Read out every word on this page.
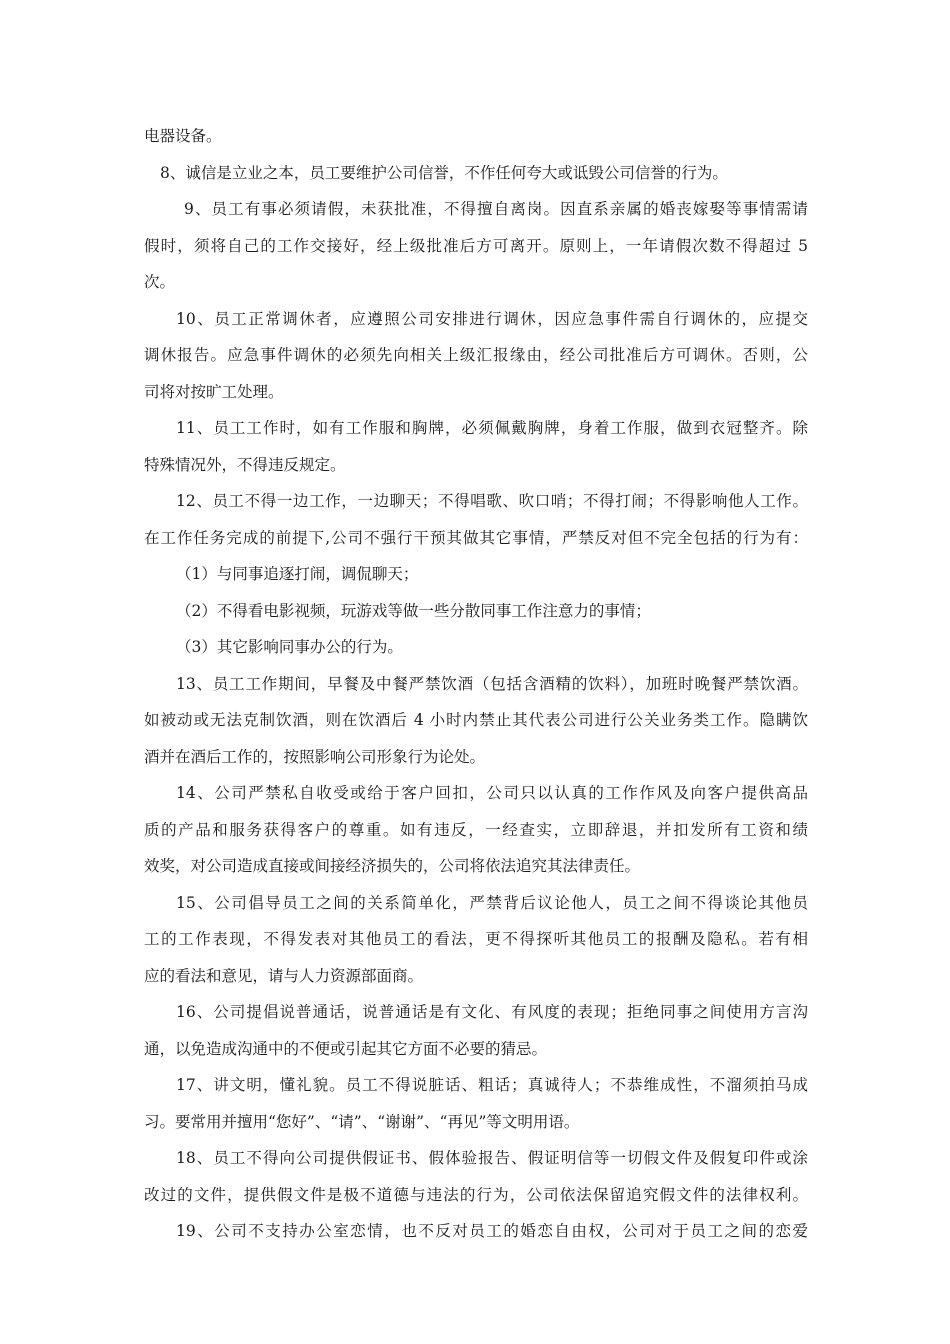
电器设备。
8、诚信是立业之本，员工要维护公司信誉，不作任何夸大或诋毁公司信誉的行为。
9、员工有事必须请假，未获批准，不得擅自离岗。因直系亲属的婚丧嫁娶等事情需请
假时，须将自己的工作交接好，经上级批准后方可离开。原则上，一年请假次数不得超过 5
次。
10、员工正常调休者，应遵照公司安排进行调休，因应急事件需自行调休的，应提交
调休报告。应急事件调休的必须先向相关上级汇报缘由，经公司批准后方可调休。否则，公
司将对按旷工处理。
11、员工工作时，如有工作服和胸牌，必须佩戴胸牌，身着工作服，做到衣冠整齐。除
特殊情况外，不得违反规定。
12、员工不得一边工作，一边聊天；不得唱歌、吹口哨；不得打闹；不得影响他人工作。
在工作任务完成的前提下,公司不强行干预其做其它事情，严禁反对但不完全包括的行为有：
（1）与同事追逐打闹，调侃聊天；
（2）不得看电影视频，玩游戏等做一些分散同事工作注意力的事情；
（3）其它影响同事办公的行为。
13、员工工作期间，早餐及中餐严禁饮酒（包括含酒精的饮料），加班时晚餐严禁饮酒。
如被动或无法克制饮酒，则在饮酒后 4 小时内禁止其代表公司进行公关业务类工作。隐瞒饮
酒并在酒后工作的，按照影响公司形象行为论处。
14、公司严禁私自收受或给于客户回扣，公司只以认真的工作作风及向客户提供高品
质的产品和服务获得客户的尊重。如有违反，一经查实，立即辞退，并扣发所有工资和绩
效奖，对公司造成直接或间接经济损失的，公司将依法追究其法律责任。
15、公司倡导员工之间的关系简单化，严禁背后议论他人，员工之间不得谈论其他员
工的工作表现，不得发表对其他员工的看法，更不得探听其他员工的报酬及隐私。若有相
应的看法和意见，请与人力资源部面商。
16、公司提倡说普通话，说普通话是有文化、有风度的表现；拒绝同事之间使用方言沟
通，以免造成沟通中的不便或引起其它方面不必要的猜忌。
17、讲文明，懂礼貌。员工不得说脏话、粗话；真诚待人；不恭维成性，不溜须拍马成
习。要常用并擅用“您好”、“请”、“谢谢”、“再见”等文明用语。
18、员工不得向公司提供假证书、假体验报告、假证明信等一切假文件及假复印件或涂
改过的文件，提供假文件是极不道德与违法的行为，公司依法保留追究假文件的法律权利。
19、公司不支持办公室恋情，也不反对员工的婚恋自由权，公司对于员工之间的恋爱
